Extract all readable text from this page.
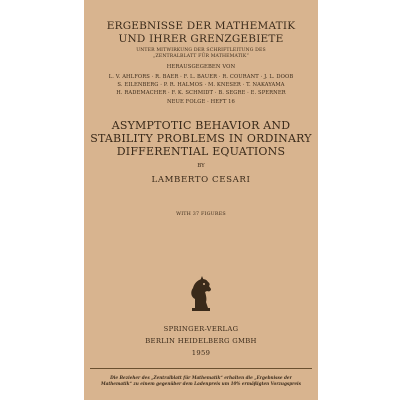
ERGEBNISSE DER MATHEMATIK
UND IHRER GRENZGEBIETE
UNTER MITWIRKUNG DER SCHRIFTLEITUNG DES
„ZENTRALBLATT FÜR MATHEMATIK“
HERAUSGEGEBEN VON
L. V. AHLFORS · R. BAER · F. L. BAUER · R. COURANT · J. L. DOOB
S. EILENBERG · P. R. HALMOS · M. KNESER · T. NAKAYAMA
H. RADEMACHER · F. K. SCHMIDT · B. SEGRE · E. SPERNER
NEUE FOLGE · HEFT 16
ASYMPTOTIC BEHAVIOR AND
STABILITY PROBLEMS IN ORDINARY
DIFFERENTIAL EQUATIONS
BY
LAMBERTO CESARI
WITH 37 FIGURES
SPRINGER-VERLAG
BERLIN HEIDELBERG GMBH
1959
Die Bezieher des „Zentralblatt für Mathematik“ erhalten die „Ergebnisse der
Mathematik“ zu einem gegenüber dem Ladenpreis um 10% ermäßigten Vorzugspreis
